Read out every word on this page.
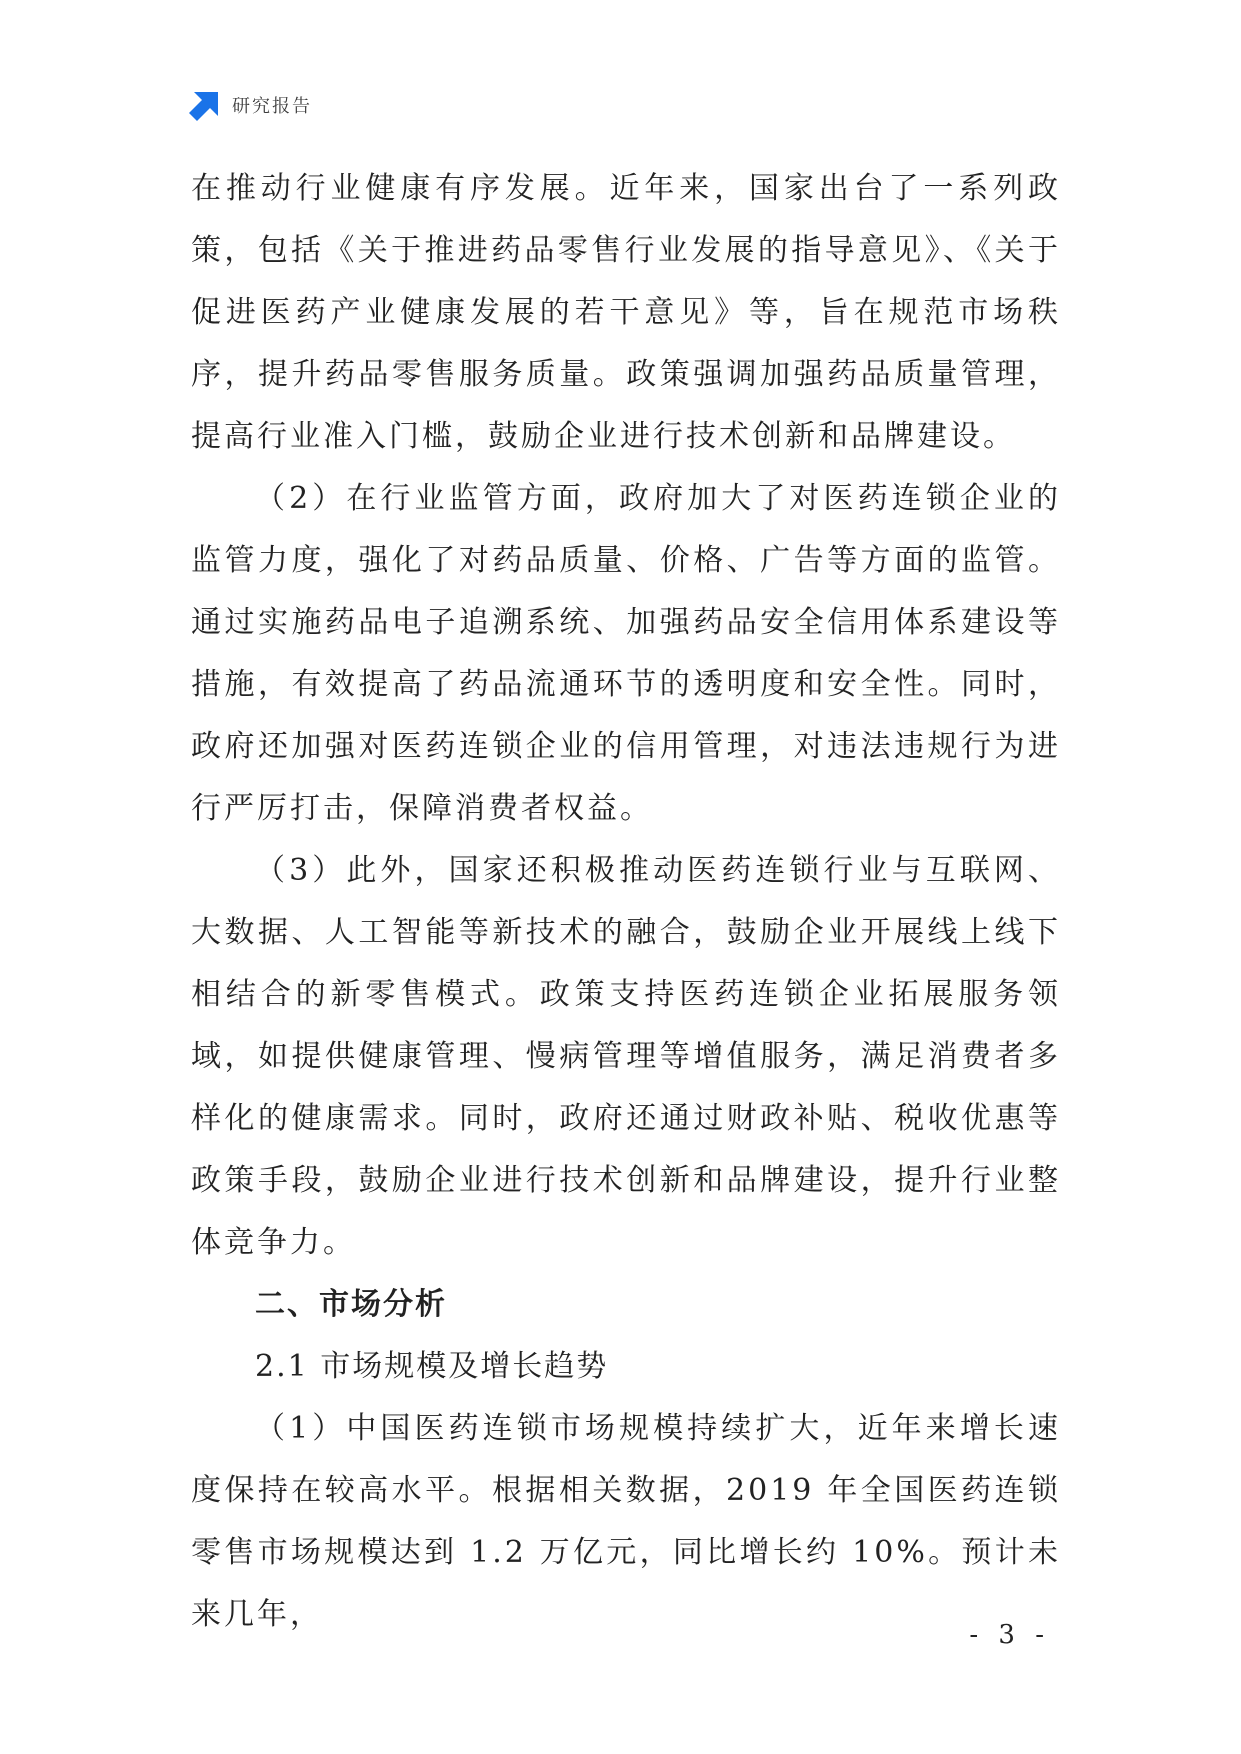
研究报告

在推动行业健康有序发展。近年来，国家出台了一系列政策，包括《关于推进药品零售行业发展的指导意见》、《关于促进医药产业健康发展的若干意见》等，旨在规范市场秩序，提升药品零售服务质量。政策强调加强药品质量管理，提高行业准入门槛，鼓励企业进行技术创新和品牌建设。

（2）在行业监管方面，政府加大了对医药连锁企业的监管力度，强化了对药品质量、价格、广告等方面的监管。通过实施药品电子追溯系统、加强药品安全信用体系建设等措施，有效提高了药品流通环节的透明度和安全性。同时，政府还加强对医药连锁企业的信用管理，对违法违规行为进行严厉打击，保障消费者权益。

（3）此外，国家还积极推动医药连锁行业与互联网、大数据、人工智能等新技术的融合，鼓励企业开展线上线下相结合的新零售模式。政策支持医药连锁企业拓展服务领域，如提供健康管理、慢病管理等增值服务，满足消费者多样化的健康需求。同时，政府还通过财政补贴、税收优惠等政策手段，鼓励企业进行技术创新和品牌建设，提升行业整体竞争力。

二、市场分析

2.1 市场规模及增长趋势

（1）中国医药连锁市场规模持续扩大，近年来增长速度保持在较高水平。根据相关数据，2019 年全国医药连锁零售市场规模达到 1.2 万亿元，同比增长约 10%。预计未来几年，

- 3 -
